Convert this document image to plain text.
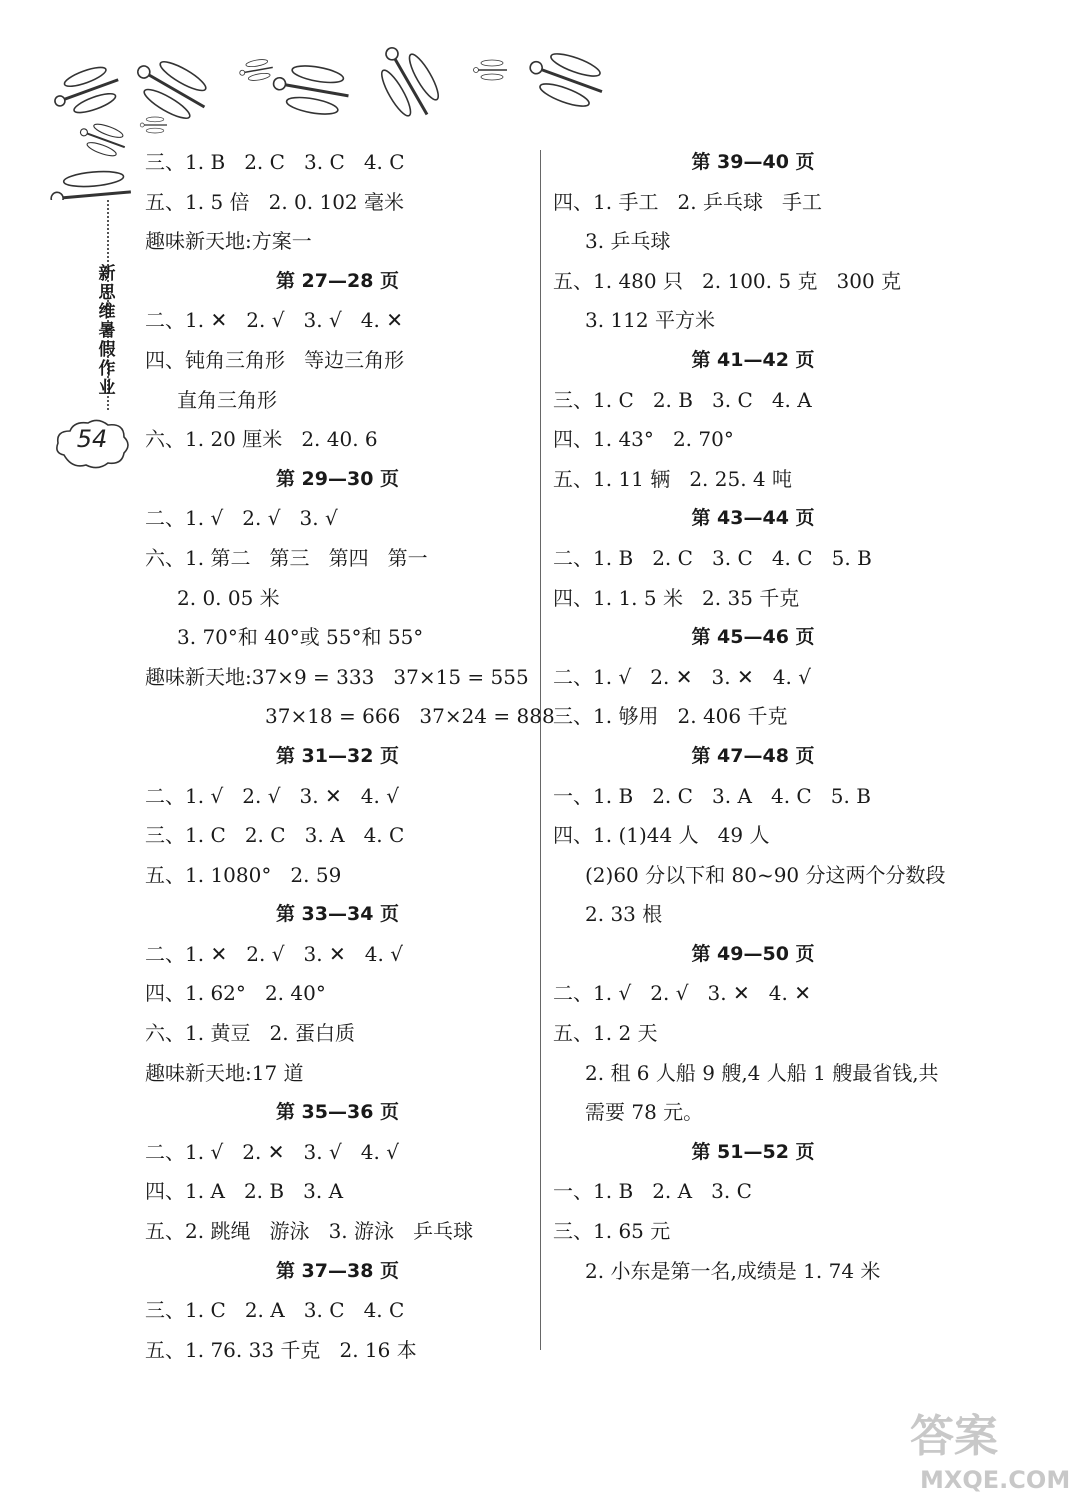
新思维暑假作业
54
三、1. B   2. C   3. C   4. C
五、1. 5 倍   2. 0. 102 毫米
趣味新天地:方案一
第 27—28 页
二、1. ✕   2. √   3. √   4. ✕
四、钝角三角形   等边三角形
直角三角形
六、1. 20 厘米   2. 40. 6
第 29—30 页
二、1. √   2. √   3. √
六、1. 第二   第三   第四   第一
2. 0. 05 米
3. 70°和 40°或 55°和 55°
趣味新天地:37×9 = 333   37×15 = 555
37×18 = 666   37×24 = 888
第 31—32 页
二、1. √   2. √   3. ✕   4. √
三、1. C   2. C   3. A   4. C
五、1. 1080°   2. 59
第 33—34 页
二、1. ✕   2. √   3. ✕   4. √
四、1. 62°   2. 40°
六、1. 黄豆   2. 蛋白质
趣味新天地:17 道
第 35—36 页
二、1. √   2. ✕   3. √   4. √
四、1. A   2. B   3. A
五、2. 跳绳   游泳   3. 游泳   乒乓球
第 37—38 页
三、1. C   2. A   3. C   4. C
五、1. 76. 33 千克   2. 16 本
第 39—40 页
四、1. 手工   2. 乒乓球   手工
3. 乒乓球
五、1. 480 只   2. 100. 5 克   300 克
3. 112 平方米
第 41—42 页
三、1. C   2. B   3. C   4. A
四、1. 43°   2. 70°
五、1. 11 辆   2. 25. 4 吨
第 43—44 页
二、1. B   2. C   3. C   4. C   5. B
四、1. 1. 5 米   2. 35 千克
第 45—46 页
二、1. √   2. ✕   3. ✕   4. √
三、1. 够用   2. 406 千克
第 47—48 页
一、1. B   2. C   3. A   4. C   5. B
四、1. (1)44 人   49 人
(2)60 分以下和 80~90 分这两个分数段
2. 33 根
第 49—50 页
二、1. √   2. √   3. ✕   4. ✕
五、1. 2 天
2. 租 6 人船 9 艘,4 人船 1 艘最省钱,共
需要 78 元。
第 51—52 页
一、1. B   2. A   3. C
三、1. 65 元
2. 小东是第一名,成绩是 1. 74 米
答案
MXQE.COM
